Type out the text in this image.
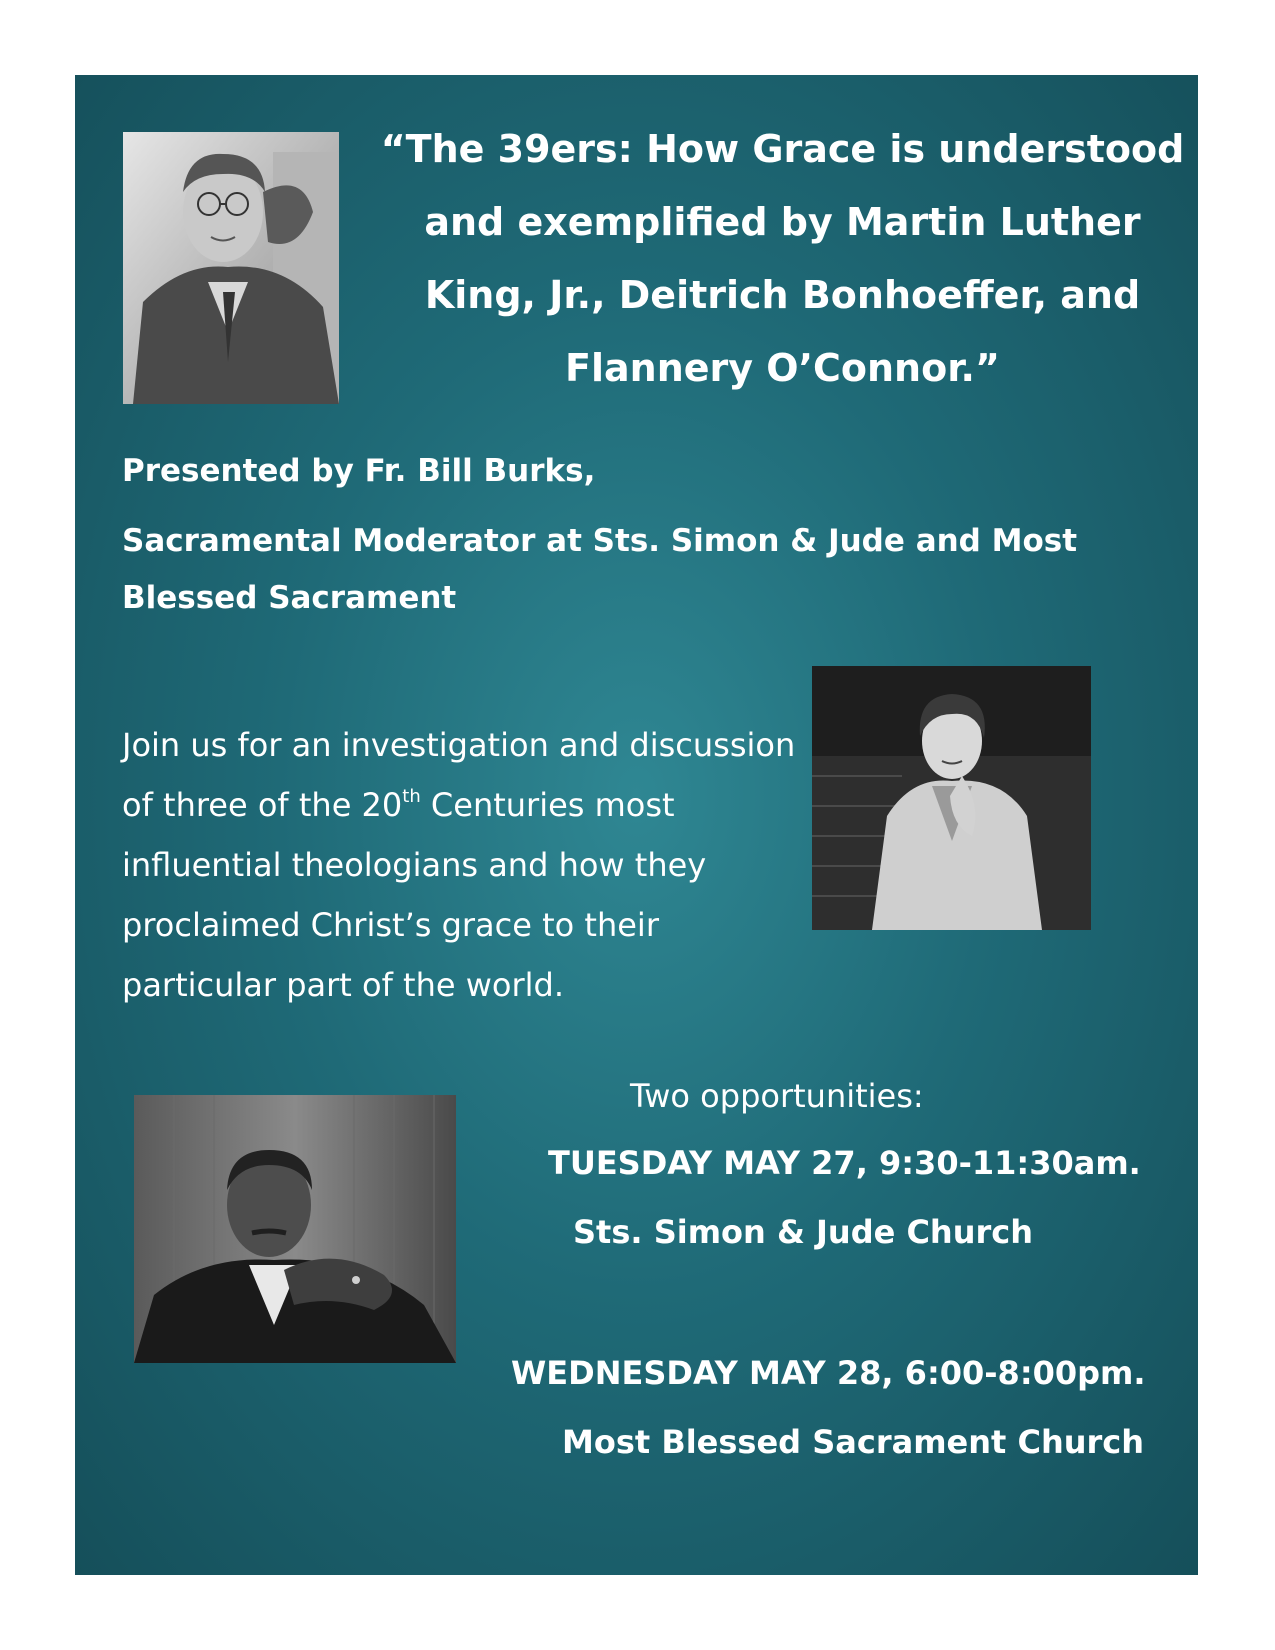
“The 39ers: How Grace is understood
and exemplified by Martin Luther
King, Jr., Deitrich Bonhoeffer, and
Flannery O’Connor.”
Presented by Fr. Bill Burks,
Sacramental Moderator at Sts. Simon & Jude and Most
Blessed Sacrament
Join us for an investigation and discussion
of three of the 20th Centuries most
influential theologians and how they
proclaimed Christ’s grace to their
particular part of the world.
Two opportunities:
TUESDAY MAY 27, 9:30-11:30am.
Sts. Simon & Jude Church
WEDNESDAY MAY 28, 6:00-8:00pm.
Most Blessed Sacrament Church
